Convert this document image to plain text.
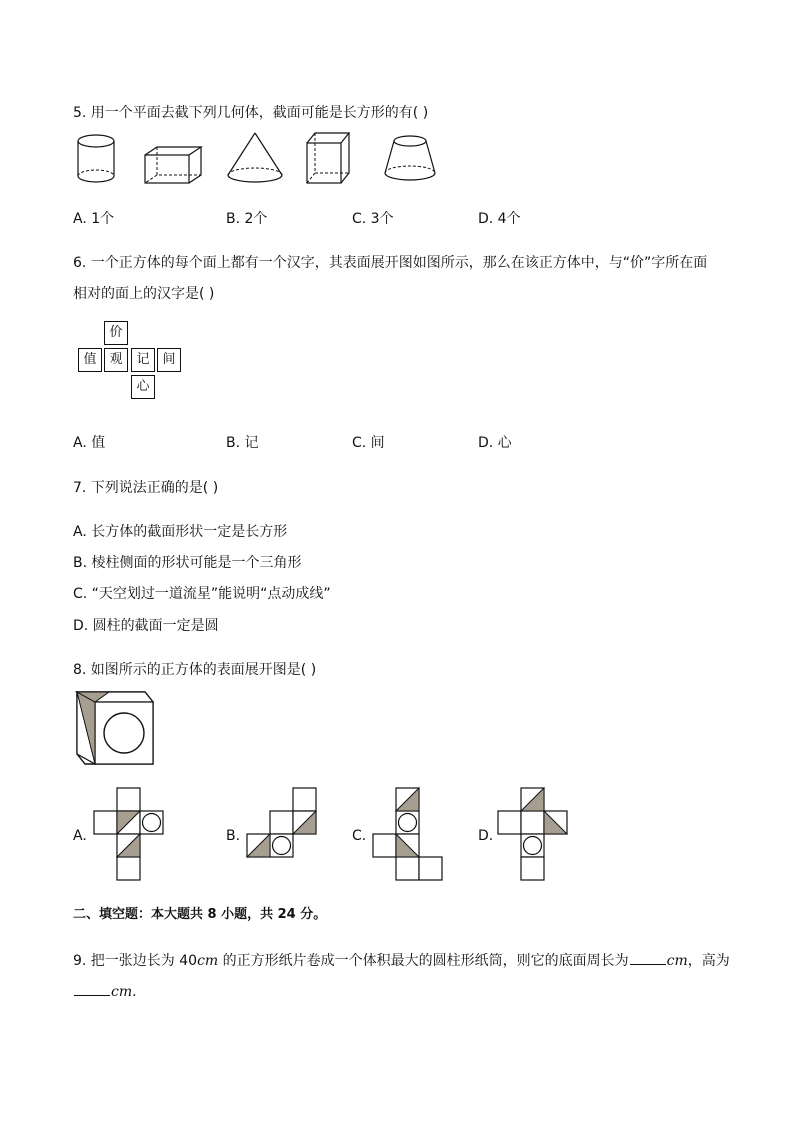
5. 用一个平面去截下列几何体，截面可能是长方形的有( )
A. 1个	B. 2个	C. 3个	D. 4个
6. 一个正方体的每个面上都有一个汉字，其表面展开图如图所示，那么在该正方体中，与“价”字所在面
相对的面上的汉字是( )
价
值 观	记 间
心
A. 值	B. 记	C. 间	D. 心
7. 下列说法正确的是( )
A. 长方体的截面形状一定是长方形
B. 棱柱侧面的形状可能是一个三角形
C. “天空划过一道流星”能说明“点动成线”
D. 圆柱的截面一定是圆
8. 如图所示的正方体的表面展开图是( )
A.	B.	C.	D.
二、填空题：本大题共 8 小题，共 24 分。
9. 把一张边长为 40cm 的正方形纸片卷成一个体积最大的圆柱形纸筒，则它的底面周长为	cm，高为
cm.
